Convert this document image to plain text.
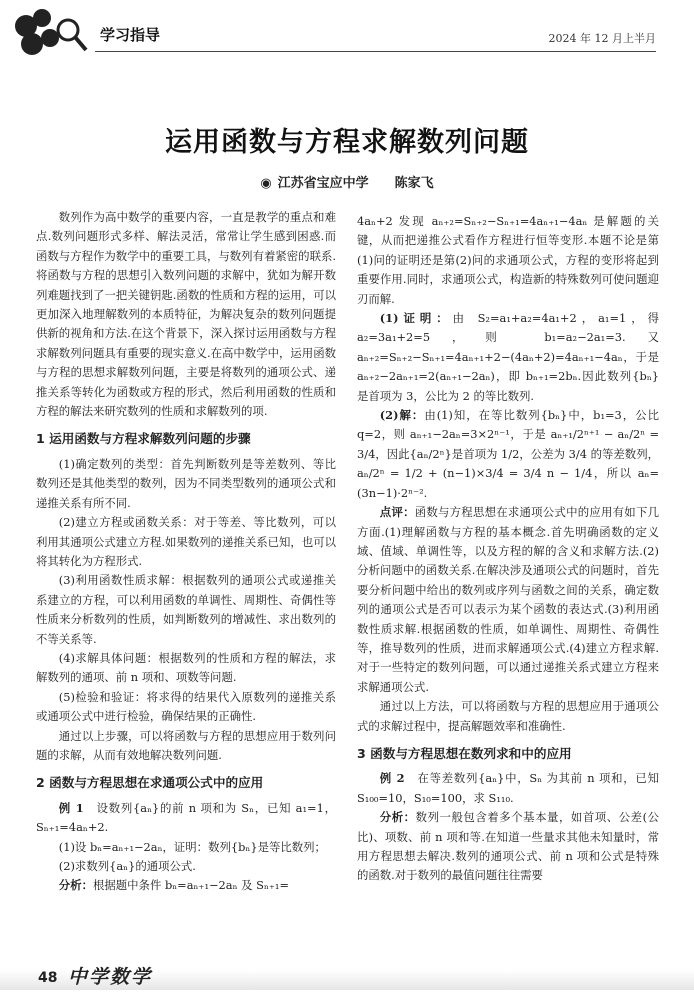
学习指导	2024 年 12 月上半月
运用函数与方程求解数列问题
◉ 江苏省宝应中学 陈家飞

数列作为高中数学的重要内容，一直是教学的重点和难点.数列问题形式多样、解法灵活，常常让学生感到困惑.而函数与方程作为数学中的重要工具，与数列有着紧密的联系.将函数与方程的思想引入数列问题的求解中，犹如为解开数列难题找到了一把关键钥匙.函数的性质和方程的运用，可以更加深入地理解数列的本质特征，为解决复杂的数列问题提供新的视角和方法.在这个背景下，深入探讨运用函数与方程求解数列问题具有重要的现实意义.在高中数学中，运用函数与方程的思想求解数列问题，主要是将数列的通项公式、递推关系等转化为函数或方程的形式，然后利用函数的性质和方程的解法来研究数列的性质和求解数列的项.

1 运用函数与方程求解数列问题的步骤

(1)确定数列的类型：首先判断数列是等差数列、等比数列还是其他类型的数列，因为不同类型数列的通项公式和递推关系有所不同.

(2)建立方程或函数关系：对于等差、等比数列，可以利用其通项公式建立方程.如果数列的递推关系已知，也可以将其转化为方程形式.

(3)利用函数性质求解：根据数列的通项公式或递推关系建立的方程，可以利用函数的单调性、周期性、奇偶性等性质来分析数列的性质，如判断数列的增减性、求出数列的不等关系等.

(4)求解具体问题：根据数列的性质和方程的解法，求解数列的通项、前 n 项和、项数等问题.

(5)检验和验证：将求得的结果代入原数列的递推关系或通项公式中进行检验，确保结果的正确性.

通过以上步骤，可以将函数与方程的思想应用于数列问题的求解，从而有效地解决数列问题.

2 函数与方程思想在求通项公式中的应用

例 1　 设数列{aₙ}的前 n 项和为 Sₙ，已知 a₁=1，Sₙ₊₁=4aₙ+2.

(1)设 bₙ=aₙ₊₁−2aₙ，证明：数列{bₙ}是等比数列；

(2)求数列{aₙ}的通项公式.

分析：根据题中条件 bₙ=aₙ₊₁−2aₙ 及 Sₙ₊₁=

4aₙ+2 发现 aₙ₊₂=Sₙ₊₂−Sₙ₊₁=4aₙ₊₁−4aₙ 是解题的关键，从而把递推公式看作方程进行恒等变形.本题不论是第(1)问的证明还是第(2)问的求通项公式，方程的变形将起到重要作用.同时，求通项公式，构造新的特殊数列可使问题迎刃而解.

(1)证明：由 S₂=a₁+a₂=4a₁+2，a₁=1，得 a₂=3a₁+2=5，则 b₁=a₂−2a₁=3.又 aₙ₊₂=Sₙ₊₂−Sₙ₊₁=4aₙ₊₁+2−(4aₙ+2)=4aₙ₊₁−4aₙ，于是 aₙ₊₂−2aₙ₊₁=2(aₙ₊₁−2aₙ)，即 bₙ₊₁=2bₙ.因此数列{bₙ}是首项为 3，公比为 2 的等比数列.

(2)解：由(1)知，在等比数列{bₙ}中，b₁=3，公比 q=2，则 aₙ₊₁−2aₙ=3×2ⁿ⁻¹，于是 aₙ₊₁/2ⁿ⁺¹ − aₙ/2ⁿ = 3/4，因此{aₙ/2ⁿ}是首项为 1/2，公差为 3/4 的等差数列，aₙ/2ⁿ = 1/2 + (n−1)×3/4 = 3/4 n − 1/4，所以 aₙ=(3n−1)·2ⁿ⁻².

点评：函数与方程思想在求通项公式中的应用有如下几方面.(1)理解函数与方程的基本概念.首先明确函数的定义域、值域、单调性等，以及方程的解的含义和求解方法.(2)分析问题中的函数关系.在解决涉及通项公式的问题时，首先要分析问题中给出的数列或序列与函数之间的关系，确定数列的通项公式是否可以表示为某个函数的表达式.(3)利用函数性质求解.根据函数的性质，如单调性、周期性、奇偶性等，推导数列的性质，进而求解通项公式.(4)建立方程求解.对于一些特定的数列问题，可以通过递推关系式建立方程来求解通项公式.

通过以上方法，可以将函数与方程的思想应用于通项公式的求解过程中，提高解题效率和准确性.

3 函数与方程思想在数列求和中的应用

例 2　 在等差数列{aₙ}中，Sₙ 为其前 n 项和，已知 S₁₀₀=10，S₁₀=100，求 S₁₁₀.

分析：数列一般包含着多个基本量，如首项、公差(公比)、项数、前 n 项和等.在知道一些量求其他未知量时，常用方程思想去解决.数列的通项公式、前 n 项和公式是特殊的函数.对于数列的最值问题往往需要

48 中学数学
